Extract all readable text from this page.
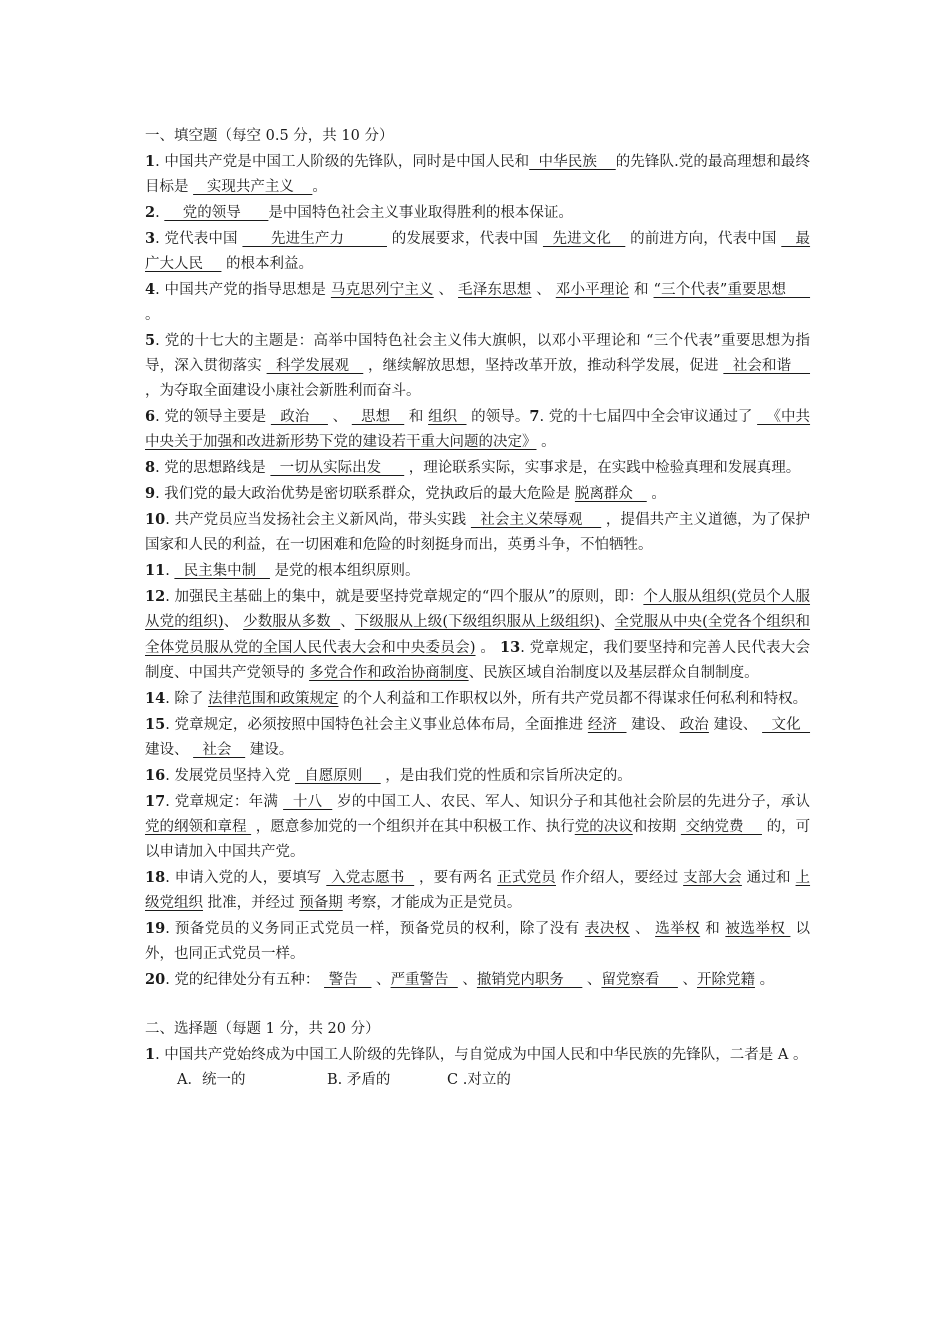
一、填空题（每空 0.5 分，共 10 分）

1. 中国共产党是中国工人阶级的先锋队，同时是中国人民和  中华民族    的先锋队.党的最高理想和最终目标是    实现共产主义    。

2.     党的领导      是中国特色社会主义事业取得胜利的根本保证。

3. 党代表中国       先进生产力          的发展要求，代表中国   先进文化    的前进方向，代表中国    最广大人民     的根本利益。

4. 中国共产党的指导思想是 马克思列宁主义 、 毛泽东思想 、 邓小平理论 和 “三个代表”重要思想      。

5. 党的十七大的主题是：高举中国特色社会主义伟大旗帜，以邓小平理论和 “三个代表”重要思想为指导，深入贯彻落实   科学发展观    ，继续解放思想，坚持改革开放，推动科学发展，促进   社会和谐     ，为夺取全面建设小康社会新胜利而奋斗。

6. 党的领导主要是   政治     、   思想    和 组织   的领导。7. 党的十七届四中全会审议通过了   《中共中央关于加强和改进新形势下党的建设若干重大问题的决定》 。

8. 党的思想路线是   一切从实际出发      ，理论联系实际，实事求是，在实践中检验真理和发展真理。

9. 我们党的最大政治优势是密切联系群众，党执政后的最大危险是 脱离群众    。

10. 共产党员应当发扬社会主义新风尚，带头实践   社会主义荣辱观     ，提倡共产主义道德，为了保护国家和人民的利益，在一切困难和危险的时刻挺身而出，英勇斗争，不怕牺牲。

11.   民主集中制    是党的根本组织原则。

12. 加强民主基础上的集中，就是要坚持党章规定的“四个服从”的原则，即：个人服从组织(党员个人服从党的组织)、 少数服从多数  、下级服从上级(下级组织服从上级组织)、全党服从中央(全党各个组织和全体党员服从党的全国人民代表大会和中央委员会) 。 13. 党章规定，我们要坚持和完善人民代表大会制度、中国共产党领导的 多党合作和政治协商制度、民族区域自治制度以及基层群众自制制度。

14. 除了 法律范围和政策规定 的个人利益和工作职权以外，所有共产党员都不得谋求任何私利和特权。

15. 党章规定，必须按照中国特色社会主义事业总体布局，全面推进 经济   建设、 政治 建设、   文化   建设、   社会    建设。

16. 发展党员坚持入党   自愿原则     ，是由我们党的性质和宗旨所决定的。

17. 党章规定：年满   十八   岁的中国工人、农民、军人、知识分子和其他社会阶层的先进分子，承认 党的纲领和章程  ，愿意参加党的一个组织并在其中积极工作、执行党的决议和按期  交纳党费     的，可以申请加入中国共产党。

18. 申请入党的人，要填写  入党志愿书   ，要有两名 正式党员 作介绍人，要经过 支部大会 通过和 上级党组织 批准，并经过 预备期 考察，才能成为正是党员。

19. 预备党员的义务同正式党员一样，预备党员的权利，除了没有 表决权 、 选举权 和 被选举权  以外，也同正式党员一样。

20. 党的纪律处分有五种：  警告    、严重警告   、撤销党内职务     、留党察看     、开除党籍 。

二、选择题（每题 1 分，共 20 分）

1. 中国共产党始终成为中国工人阶级的先锋队，与自觉成为中国人民和中华民族的先锋队，二者是 A 。

A．统一的	B. 矛盾的	C .对立的
